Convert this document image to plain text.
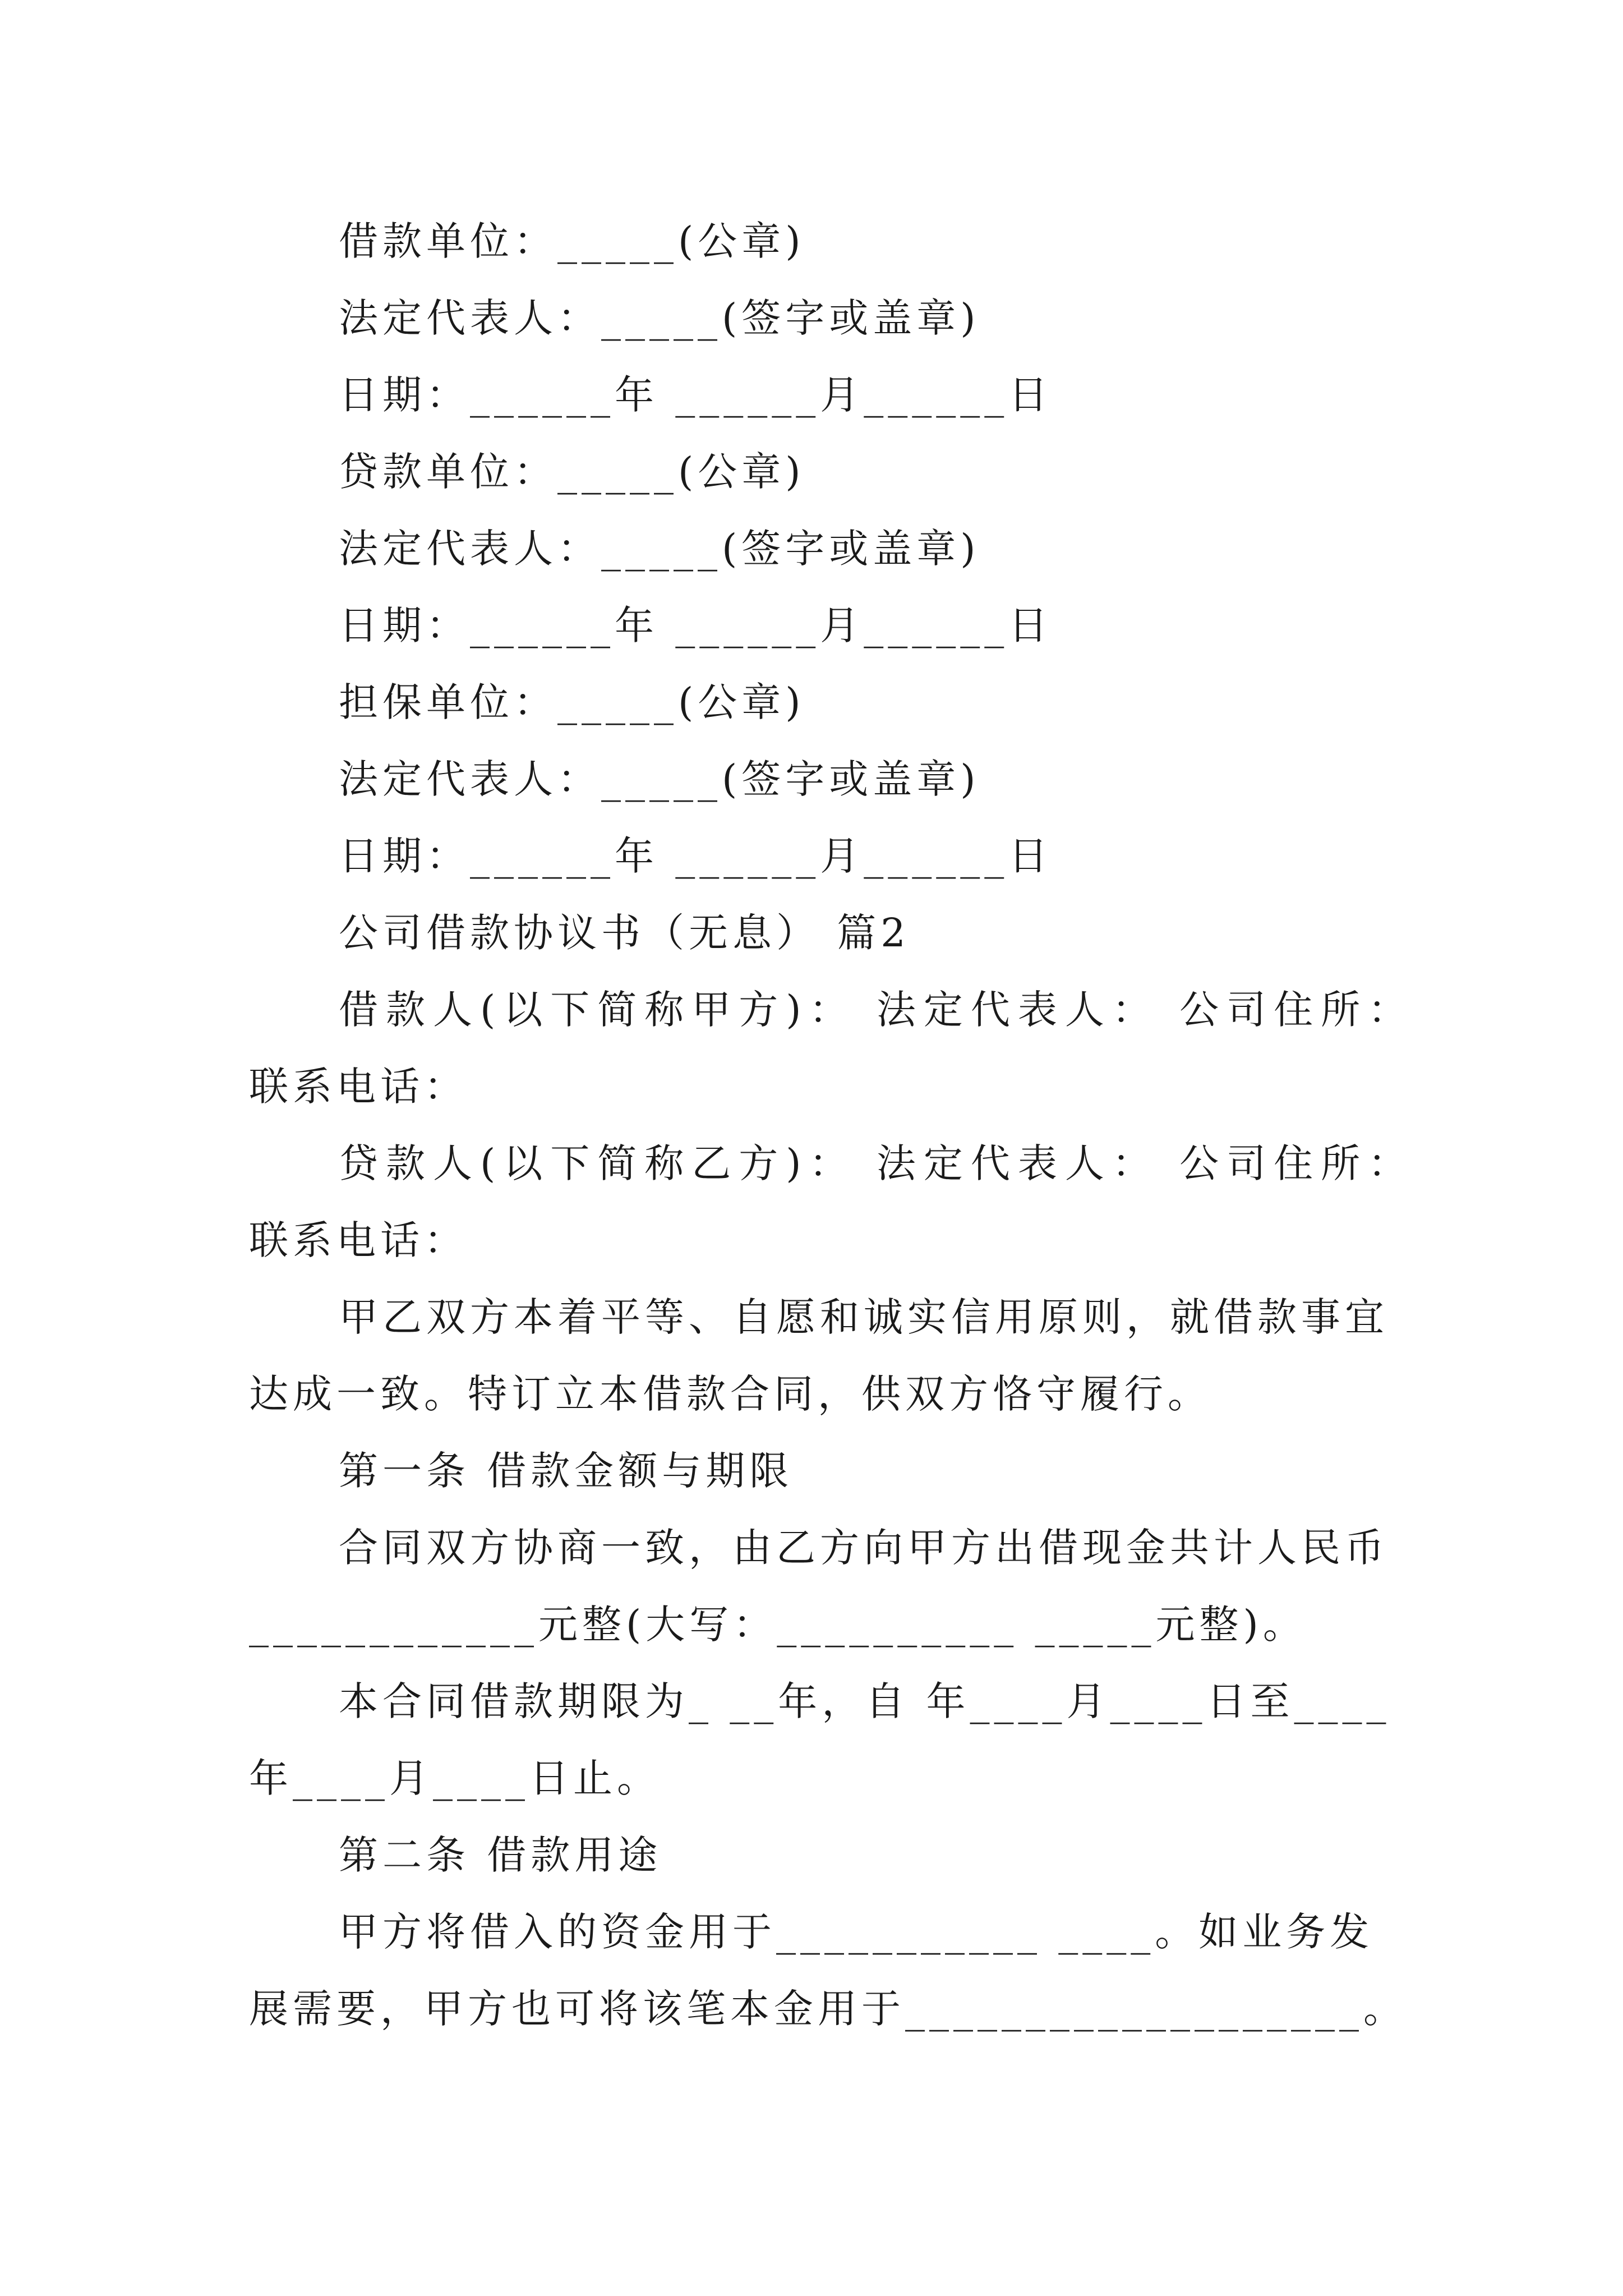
借款单位：_____(公章)
法定代表人：_____(签字或盖章)
日期：______年 ______月______日
贷款单位：_____(公章)
法定代表人：_____(签字或盖章)
日期：______年 ______月______日
担保单位：_____(公章)
法定代表人：_____(签字或盖章)
日期：______年 ______月______日
公司借款协议书（无息） 篇2
借款人(以下简称甲方)： 法定代表人： 公司住所：
联系电话：
贷款人(以下简称乙方)： 法定代表人： 公司住所：
联系电话：
甲乙双方本着平等、自愿和诚实信用原则，就借款事宜
达成一致。特订立本借款合同，供双方恪守履行。
第一条 借款金额与期限
合同双方协商一致，由乙方向甲方出借现金共计人民币
____________元整(大写：__________ _____元整)。
本合同借款期限为_ __年，自 年____月____日至____
年____月____日止。
第二条 借款用途
甲方将借入的资金用于___________ ____。如业务发
展需要，甲方也可将该笔本金用于___________________。
